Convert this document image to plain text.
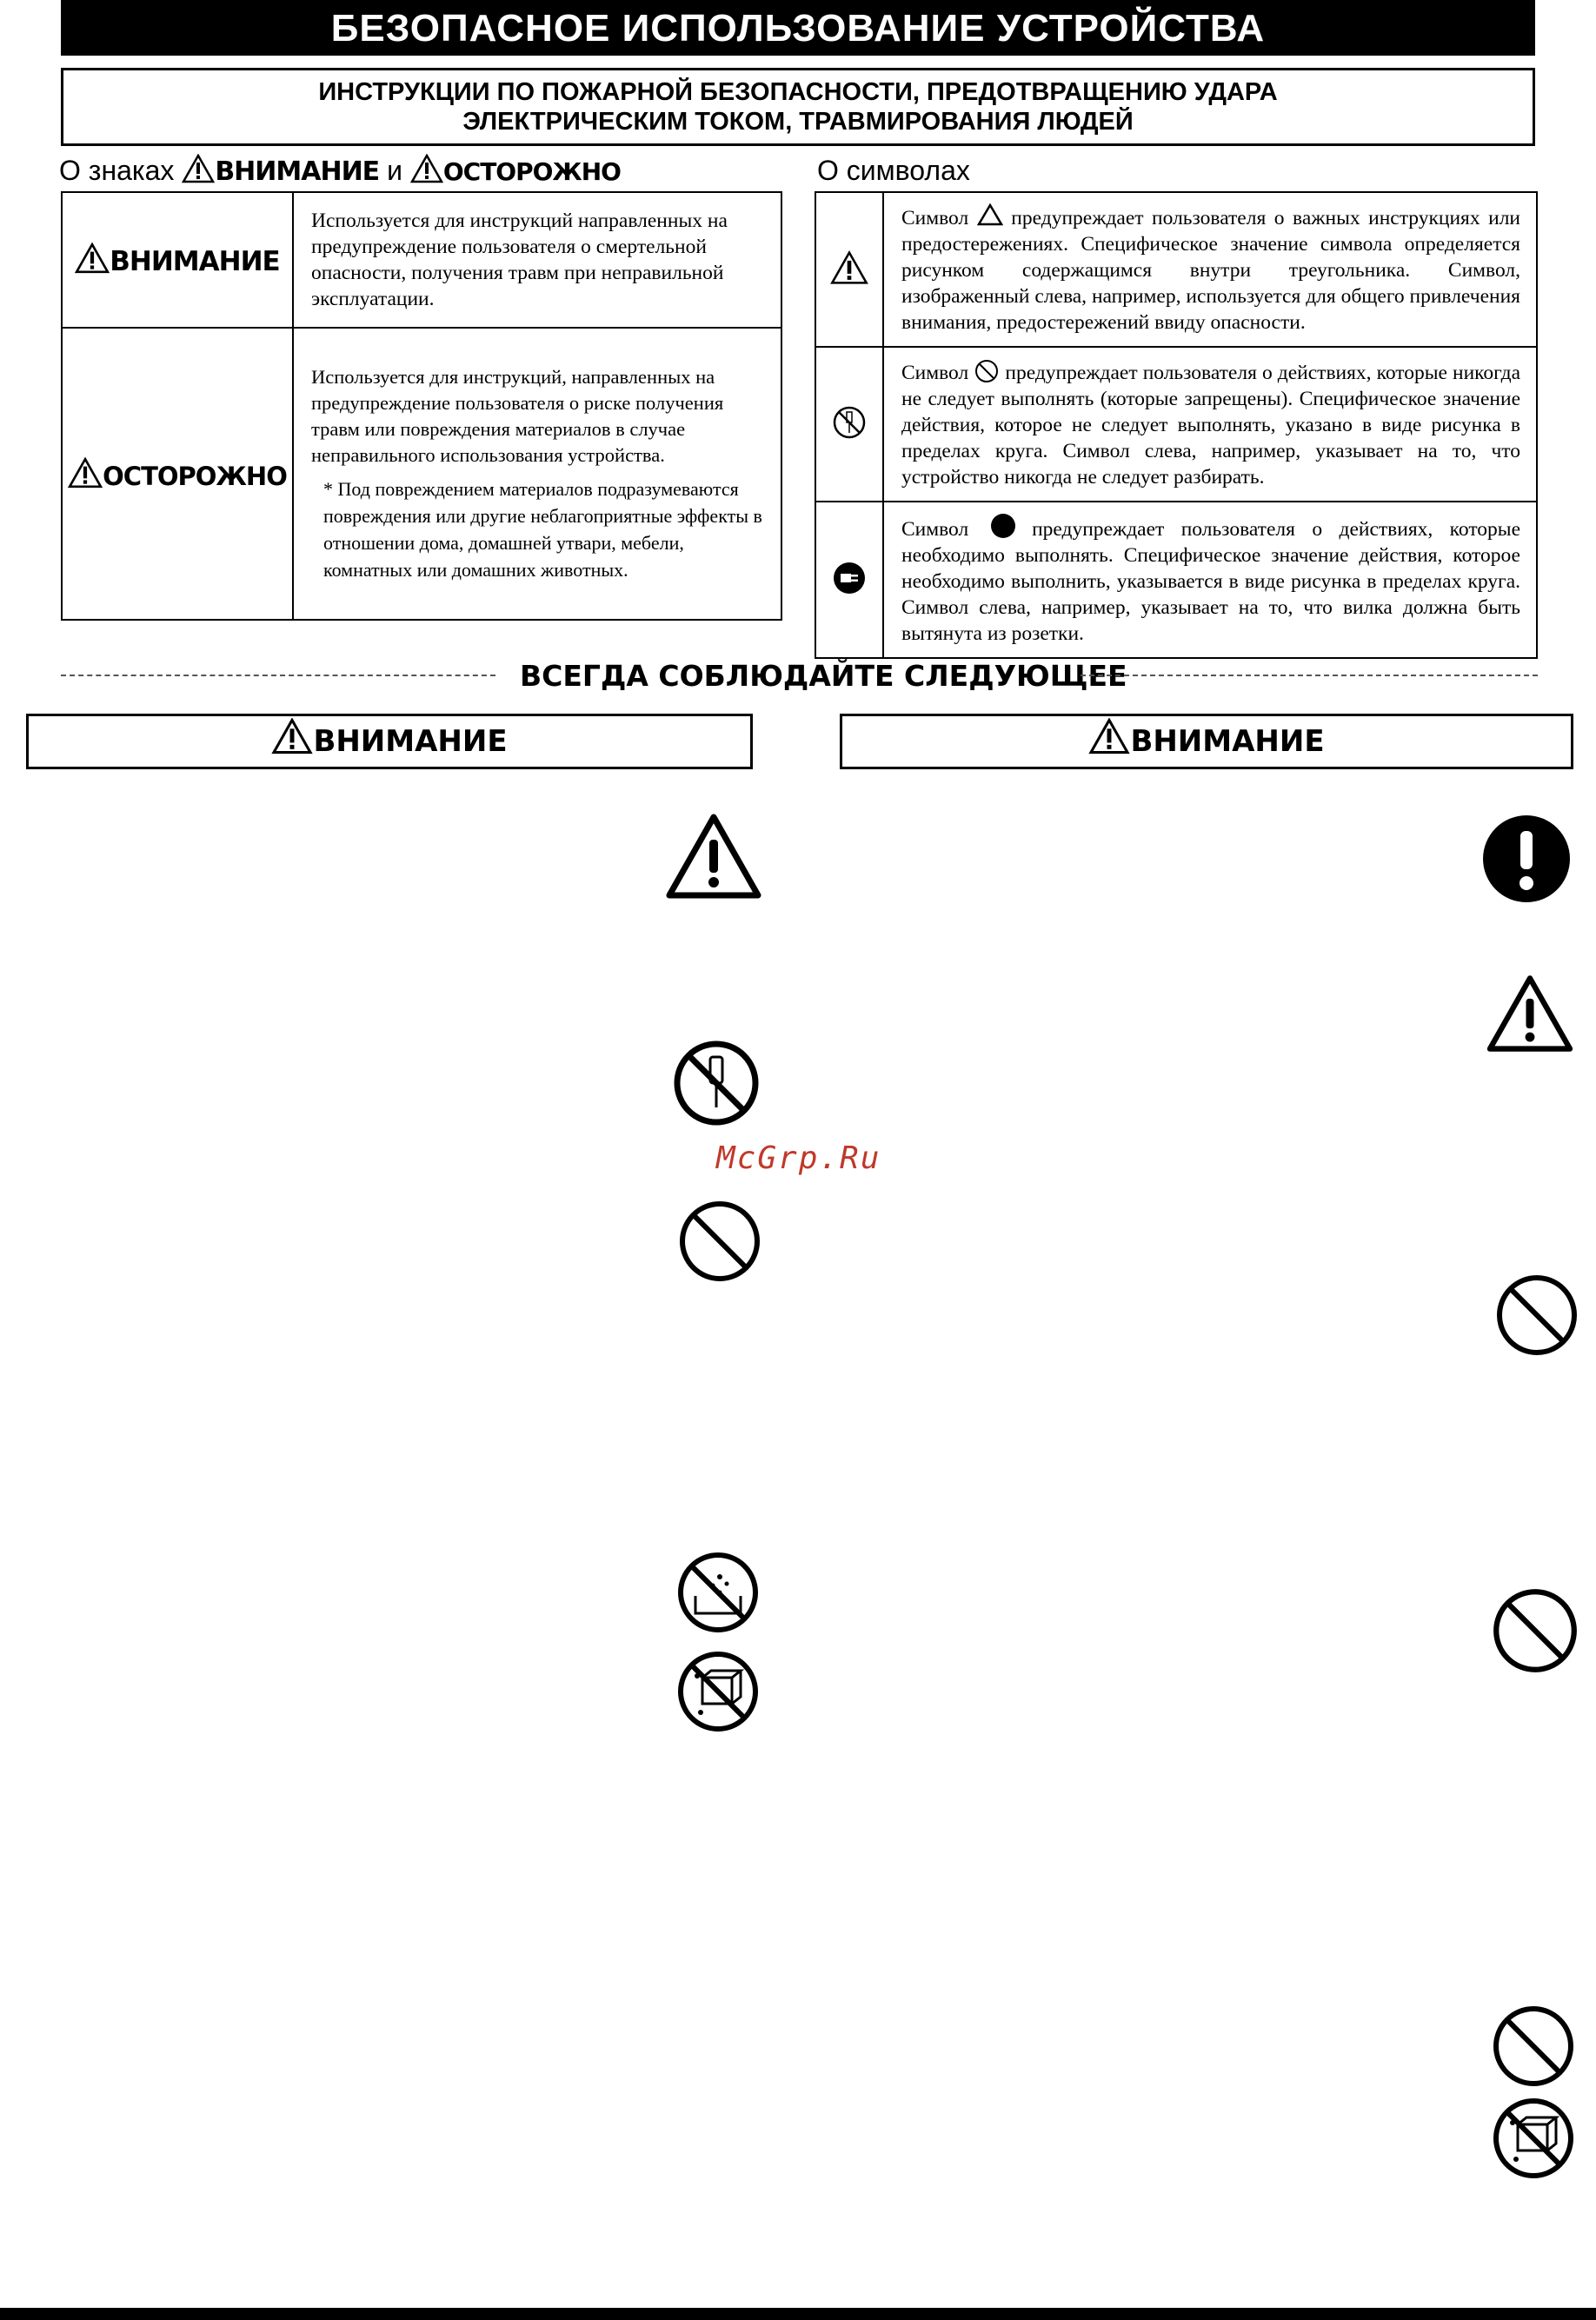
БЕЗОПАСНОЕ ИСПОЛЬЗОВАНИЕ УСТРОЙСТВА
ИНСТРУКЦИИ ПО ПОЖАРНОЙ БЕЗОПАСНОСТИ, ПРЕДОТВРАЩЕНИЮ УДАРА
ЭЛЕКТРИЧЕСКИМ ТОКОМ, ТРАВМИРОВАНИЯ ЛЮДЕЙ
О знаках ВНИМАНИЕ и ОСТОРОЖНО
ВНИМАНИЕ	Используется для инструкций направленных на предупреждение пользователя о смертельной опасности, получения травм при неправильной эксплуатации.
ОСТОРОЖНО	Используется для инструкций, направленных на предупреждение пользователя о риске получения травм или повреждения материалов в случае неправильного использования устройства.
* Под повреждением материалов подразумеваются повреждения или другие неблагоприятные эффекты в отношении дома, домашней утвари, мебели, комнатных или домашних животных.
О символах
	Символ предупреждает пользователя о важных инструкциях или предостережениях. Специфическое значение символа определяется рисунком содержащимся внутри треугольника. Символ, изображенный слева, например, используется для общего привлечения внимания, предостережений ввиду опасности.
	Символ предупреждает пользователя о действиях, которые никогда не следует выполнять (которые запрещены). Специфическое значение действия, которое не следует выполнять, указано в виде рисунка в пределах круга. Символ слева, например, указывает на то, что устройство никогда не следует разбирать.
	Символ предупреждает пользователя о действиях, которые необходимо выполнять. Специфическое значение действия, которое необходимо выполнить, указывается в виде рисунка в пределах круга. Символ слева, например, указывает на то, что вилка должна быть вытянута из розетки.
ВСЕГДА СОБЛЮДАЙТЕ СЛЕДУЮЩЕЕ
ВНИМАНИЕ	ВНИМАНИЕ
McGrp.Ru
